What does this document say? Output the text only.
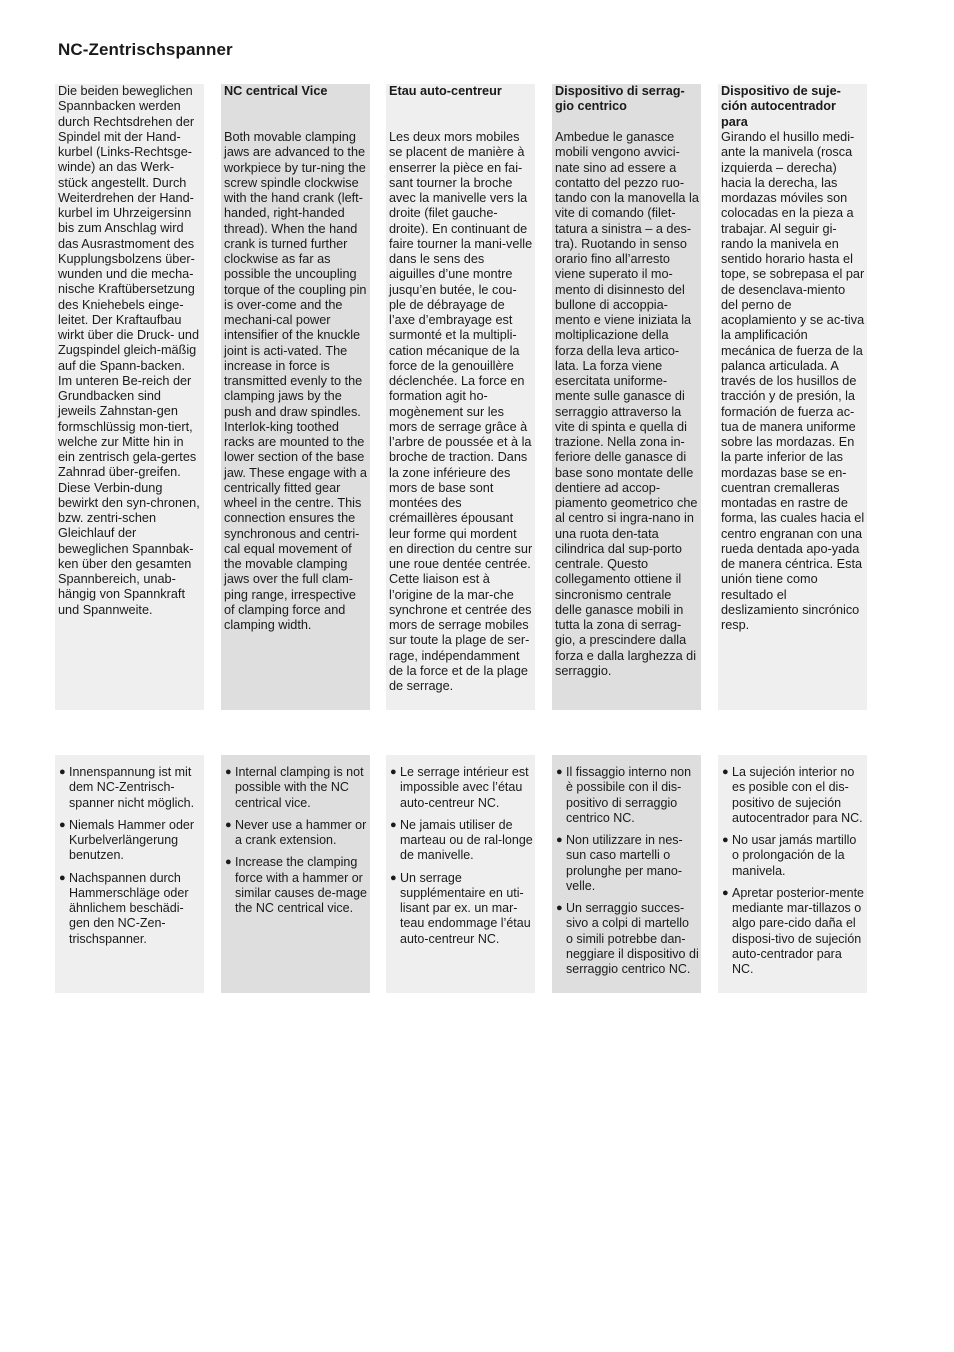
NC-Zentrischspanner

Die beiden beweglichen Spannbacken werden durch Rechtsdrehen der Spindel mit der Hand-kurbel (Links-Rechtsge-winde) an das Werk-stück angestellt. Durch Weiterdrehen der Hand-kurbel im Uhrzeigersinn bis zum Anschlag wird das Ausrastmoment des Kupplungsbolzens über-wunden und die mecha-nische Kraftübersetzung des Kniehebels einge-leitet. Der Kraftaufbau wirkt über die Druck- und Zugspindel gleich-mäßig auf die Spann-backen. Im unteren Be-reich der Grundbacken sind jeweils Zahnstan-gen formschlüssig mon-tiert, welche zur Mitte hin in ein zentrisch gela-gertes Zahnrad über-greifen. Diese Verbin-dung bewirkt den syn-chronen, bzw. zentri-schen Gleichlauf der beweglichen Spannbak-ken über den gesamten Spannbereich, unab-hängig von Spannkraft und Spannweite.

NC centrical Vice

Both movable clamping jaws are advanced to the workpiece by tur-ning the screw spindle clockwise with the hand crank (left-handed, right-handed thread). When the hand crank is turned further clockwise as far as possible the uncoupling torque of the coupling pin is over-come and the mechani-cal power intensifier of the knuckle joint is acti-vated. The increase in force is transmitted evenly to the clamping jaws by the push and draw spindles. Interlok-king toothed racks are mounted to the lower section of the base jaw. These engage with a centrically fitted gear wheel in the centre. This connection ensures the synchronous and centri-cal equal movement of the movable clamping jaws over the full clam-ping range, irrespective of clamping force and clamping width.

Etau auto-centreur

Les deux mors mobiles se placent de manière à enserrer la pièce en fai-sant tourner la broche avec la manivelle vers la droite (filet gauche-droite). En continuant de faire tourner la mani-velle dans le sens des aiguilles d’une montre jusqu’en butée, le cou-ple de débrayage de l’axe d’embrayage est surmonté et la multipli-cation mécanique de la force de la genouillère déclenchée. La force en formation agit ho-mogènement sur les mors de serrage grâce à l’arbre de poussée et à la broche de traction. Dans la zone inférieure des mors de base sont montées des crémaillères épousant leur forme qui mordent en direction du centre sur une roue dentée centrée. Cette liaison est à l’origine de la mar-che synchrone et centrée des mors de serrage mobiles sur toute la plage de ser-rage, indépendamment de la force et de la plage de serrage.

Dispositivo di serrag-gio centrico

Ambedue le ganasce mobili vengono avvici-nate sino ad essere a contatto del pezzo ruo-tando con la manovella la vite di comando (filet-tatura a sinistra – a des-tra). Ruotando in senso orario fino all’arresto viene superato il mo-mento di disinnesto del bullone di accoppia-mento e viene iniziata la moltiplicazione della forza della leva artico-lata. La forza viene esercitata uniforme-mente sulle ganasce di serraggio attraverso la vite di spinta e quella di trazione. Nella zona in-feriore delle ganasce di base sono montate delle dentiere ad accop-piamento geometrico che al centro si ingra-nano in una ruota den-tata cilindrica dal sup-porto centrale. Questo collegamento ottiene il sincronismo centrale delle ganasce mobili in tutta la zona di serrag-gio, a prescindere dalla forza e dalla larghezza di serraggio.

Dispositivo de suje-ción autocentrador para

Girando el husillo medi-ante la manivela (rosca izquierda – derecha) hacia la derecha, las mordazas móviles son colocadas en la pieza a trabajar. Al seguir gi-rando la manivela en sentido horario hasta el tope, se sobrepasa el par de desenclava-miento del perno de acoplamiento y se ac-tiva la amplificación mecánica de fuerza de la palanca articulada. A través de los husillos de tracción y de presión, la formación de fuerza ac-tua de manera uniforme sobre las mordazas. En la parte inferior de las mordazas base se en-cuentran cremalleras montadas en rastre de forma, las cuales hacia el centro engranan con una rueda dentada apo-yada de manera céntrica. Esta unión tiene como resultado el deslizamiento sincrónico resp.

● Innenspannung ist mit dem NC-Zentrisch-spanner nicht möglich.
● Niemals Hammer oder Kurbelverlängerung benutzen.
● Nachspannen durch Hammerschläge oder ähnlichem beschädi-gen den NC-Zen-trischspanner.
● Internal clamping is not possible with the NC centrical vice.
● Never use a hammer or a crank extension.
● Increase the clamping force with a hammer or similar causes de-mage the NC centrical vice.
● Le serrage intérieur est impossible avec l’étau auto-centreur NC.
● Ne jamais utiliser de marteau ou de ral-longe de manivelle.
● Un serrage supplémentaire en uti-lisant par ex. un mar-teau endommage l’étau auto-centreur NC.
● Il fissaggio interno non è possibile con il dis-positivo di serraggio centrico NC.
● Non utilizzare in nes-sun caso martelli o prolunghe per mano-velle.
● Un serraggio succes-sivo a colpi di martello o simili potrebbe dan-neggiare il dispositivo di serraggio centrico NC.
● La sujeción interior no es posible con el dis-positivo de sujeción autocentrador para NC.
● No usar jamás martillo o prolongación de la manivela.
● Apretar posterior-mente mediante mar-tillazos o algo pare-cido daña el disposi-tivo de sujeción auto-centrador para NC.
